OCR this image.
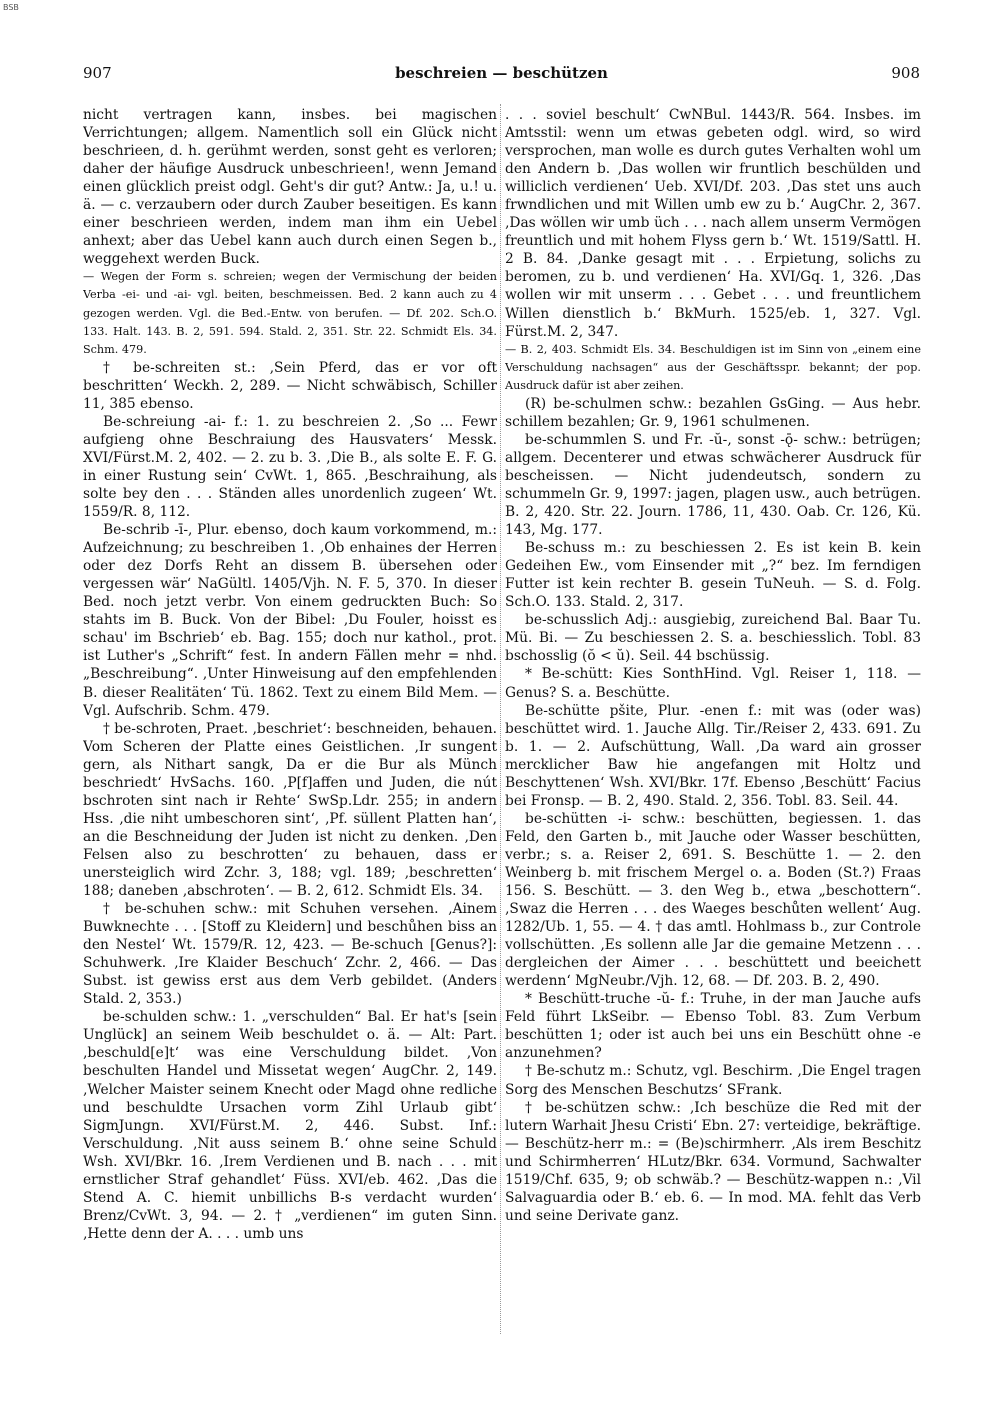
BSB
907	beschreien — beschützen	908

nicht vertragen kann, insbes. bei magischen Verrichtungen; allgem. Namentlich soll ein Glück nicht beschrieen, d. h. gerühmt werden, sonst geht es verloren; daher der häufige Ausdruck unbeschrieen!, wenn Jemand einen glücklich preist odgl. Geht's dir gut? Antw.: Ja, u.! u. ä. — c. verzaubern oder durch Zauber beseitigen. Es kann einer beschrieen werden, indem man ihm ein Uebel anhext; aber das Uebel kann auch durch einen Segen b., weggehext werden Buck.

— Wegen der Form s. schreien; wegen der Vermischung der beiden Verba -ei- und -ai- vgl. beiten, beschmeissen. Bed. 2 kann auch zu 4 gezogen werden. Vgl. die Bed.-Entw. von berufen. — Df. 202. Sch.O. 133. Halt. 143. B. 2, 591. 594. Stald. 2, 351. Str. 22. Schmidt Els. 34. Schm. 479.

† be-schreiten st.: ‚Sein Pferd, das er vor oft beschritten‘ Weckh. 2, 289. — Nicht schwäbisch, Schiller 11, 385 ebenso.

Be-schreiung -ai- f.: 1. zu beschreien 2. ‚So ... Fewr aufgieng ohne Beschraiung des Hausvaters‘ Messk. XVI/Fürst.M. 2, 402. — 2. zu b. 3. ‚Die B., als solte E. F. G. in einer Rustung sein‘ CvWt. 1, 865. ‚Beschraihung, als solte bey den . . . Ständen alles unordenlich zugeen‘ Wt. 1559/R. 8, 112.

Be-schrib -ī-, Plur. ebenso, doch kaum vorkommend, m.: Aufzeichnung; zu beschreiben 1. ‚Ob enhaines der Herren oder dez Dorfs Reht an dissem B. übersehen oder vergessen wär‘ NaGültl. 1405/Vjh. N. F. 5, 370. In dieser Bed. noch jetzt verbr. Von einem gedruckten Buch: So stahts im B. Buck. Von der Bibel: ‚Du Fouler, hoisst es schau' im Bschrieb‘ eb. Bag. 155; doch nur kathol., prot. ist Luther's „Schrift“ fest. In andern Fällen mehr = nhd. „Beschreibung“. ‚Unter Hinweisung auf den empfehlenden B. dieser Realitäten‘ Tü. 1862. Text zu einem Bild Mem. — Vgl. Aufschrib. Schm. 479.

† be-schroten, Praet. ‚beschriet‘: beschneiden, behauen. Vom Scheren der Platte eines Geistlichen. ‚Ir sungent gern, als Nithart sangk, Da er die Bur als Münch beschriedt‘ HvSachs. 160. ‚P[f]affen und Juden, die nút bschroten sint nach ir Rehte‘ SwSp.Ldr. 255; in andern Hss. ‚die niht umbeschoren sint‘, ‚Pf. süllent Platten han‘, an die Beschneidung der Juden ist nicht zu denken. ‚Den Felsen also zu beschrotten‘ zu behauen, dass er unersteiglich wird Zchr. 3, 188; vgl. 189; ‚beschretten‘ 188; daneben ‚abschroten‘. — B. 2, 612. Schmidt Els. 34.

† be-schuhen schw.: mit Schuhen versehen. ‚Ainem Buwknechte . . . [Stoff zu Kleidern] und beschůhen biss an den Nestel‘ Wt. 1579/R. 12, 423. — Be-schuch [Genus?]: Schuhwerk. ‚Ire Klaider Beschuch‘ Zchr. 2, 466. — Das Subst. ist gewiss erst aus dem Verb gebildet. (Anders Stald. 2, 353.)

be-schulden schw.: 1. „verschulden“ Bal. Er hat's [sein Unglück] an seinem Weib beschuldet o. ä. — Alt: Part. ‚beschuld[e]t‘ was eine Verschuldung bildet. ‚Von beschulten Handel und Missetat wegen‘ AugChr. 2, 149. ‚Welcher Maister seinem Knecht oder Magd ohne redliche und beschuldte Ursachen vorm Zihl Urlaub gibt‘ SigmJungn. XVI/Fürst.M. 2, 446. Subst. Inf.: Verschuldung. ‚Nit auss seinem B.‘ ohne seine Schuld Wsh. XVI/Bkr. 16. ‚Irem Verdienen und B. nach . . . mit ernstlicher Straf gehandlet‘ Füss. XVI/eb. 462. ‚Das die Stend A. C. hiemit unbillichs B-s verdacht wurden‘ Brenz/CvWt. 3, 94. — 2. † „verdienen“ im guten Sinn. ‚Hette denn der A. . . . umb uns

. . . soviel beschult‘ CwNBul. 1443/R. 564. Insbes. im Amtsstil: wenn um etwas gebeten odgl. wird, so wird versprochen, man wolle es durch gutes Verhalten wohl um den Andern b. ‚Das wollen wir fruntlich beschülden und williclich verdienen‘ Ueb. XVI/Df. 203. ‚Das stet uns auch frwndlichen und mit Willen umb ew zu b.‘ AugChr. 2, 367. ‚Das wöllen wir umb üch . . . nach allem unserm Vermögen freuntlich und mit hohem Flyss gern b.‘ Wt. 1519/Sattl. H. 2 B. 84. ‚Danke gesagt mit . . . Erpietung, solichs zu beromen, zu b. und verdienen‘ Ha. XVI/Gq. 1, 326. ‚Das wollen wir mit unserm . . . Gebet . . . und freuntlichem Willen dienstlich b.‘ BkMurh. 1525/eb. 1, 327. Vgl. Fürst.M. 2, 347.

— B. 2, 403. Schmidt Els. 34. Beschuldigen ist im Sinn von „einem eine Verschuldung nachsagen“ aus der Geschäftsspr. bekannt; der pop. Ausdruck dafür ist aber zeihen.

(R) be-schulmen schw.: bezahlen GsGing. — Aus hebr. schillem bezahlen; Gr. 9, 1961 schulmenen.

be-schummlen S. und Fr. -ŭ-, sonst -ǭ- schw.: betrügen; allgem. Decenterer und etwas schwächerer Ausdruck für bescheissen. — Nicht judendeutsch, sondern zu schummeln Gr. 9, 1997: jagen, plagen usw., auch betrügen. B. 2, 420. Str. 22. Journ. 1786, 11, 430. Oab. Cr. 126, Kü. 143, Mg. 177.

Be-schuss m.: zu beschiessen 2. Es ist kein B. kein Gedeihen Ew., vom Einsender mit „?“ bez. Im ferndigen Futter ist kein rechter B. gesein TuNeuh. — S. d. Folg. Sch.O. 133. Stald. 2, 317.

be-schusslich Adj.: ausgiebig, zureichend Bal. Baar Tu. Mü. Bi. — Zu beschiessen 2. S. a. beschiesslich. Tobl. 83 bschosslig (ŏ < ŭ). Seil. 44 bschüssig.

* Be-schütt: Kies SonthHind. Vgl. Reiser 1, 118. — Genus? S. a. Beschütte.

Be-schütte pšite, Plur. -enen f.: mit was (oder was) beschüttet wird. 1. Jauche Allg. Tir./Reiser 2, 433. 691. Zu b. 1. — 2. Aufschüttung, Wall. ‚Da ward ain grosser mercklicher Baw hie angefangen mit Holtz und Beschyttenen‘ Wsh. XVI/Bkr. 17f. Ebenso ‚Beschütt‘ Facius bei Fronsp. — B. 2, 490. Stald. 2, 356. Tobl. 83. Seil. 44.

be-schütten -i- schw.: beschütten, begiessen. 1. das Feld, den Garten b., mit Jauche oder Wasser beschütten, verbr.; s. a. Reiser 2, 691. S. Beschütte 1. — 2. den Weinberg b. mit frischem Mergel o. a. Boden (St.?) Fraas 156. S. Beschütt. — 3. den Weg b., etwa „beschottern“. ‚Swaz die Herren . . . des Waeges beschůten wellent‘ Aug. 1282/Ub. 1, 55. — 4. † das amtl. Hohlmass b., zur Controle vollschütten. ‚Es sollenn alle Jar die gemaine Metzenn . . . dergleichen der Aimer . . . beschüttett und beeichett werdenn‘ MgNeubr./Vjh. 12, 68. — Df. 203. B. 2, 490.

* Beschütt-truche -ŭ- f.: Truhe, in der man Jauche aufs Feld führt LkSeibr. — Ebenso Tobl. 83. Zum Verbum beschütten 1; oder ist auch bei uns ein Beschütt ohne -e anzunehmen?

† Be-schutz m.: Schutz, vgl. Beschirm. ‚Die Engel tragen Sorg des Menschen Beschutzs‘ SFrank.

† be-schützen schw.: ‚Ich beschüze die Red mit der lutern Warhait Jhesu Cristi‘ Ebn. 27: verteidige, bekräftige. — Beschütz-herr m.: = (Be)schirmherr. ‚Als irem Beschitz und Schirmherren‘ HLutz/Bkr. 634. Vormund, Sachwalter 1519/Chf. 635, 9; ob schwäb.? — Beschütz-wappen n.: ‚Vil Salvaguardia oder B.‘ eb. 6. — In mod. MA. fehlt das Verb und seine Derivate ganz.
